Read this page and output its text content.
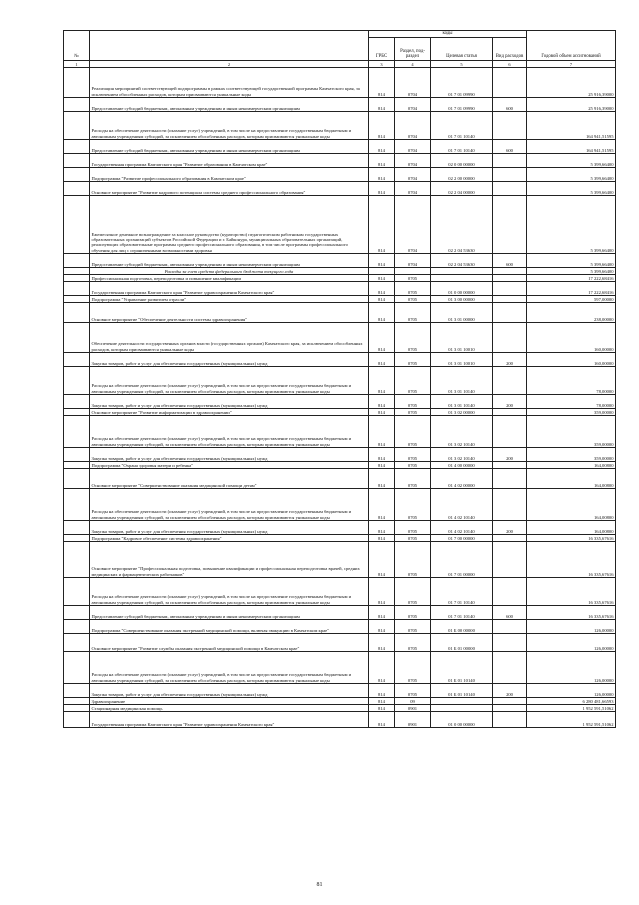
№		коды				Годовой объем ассигнований
		ГРБС	Раздел, под-раздел	Целевая статья	Вид расходов	
1	2	3	4	5	6	7
	Реализация мероприятий соответствующей подпрограммы в рамках соответствующей государственной программы Камчатского края, за исключением обособленных расходов, которым присваиваются уникальные коды	814	0704	01 7 01 09990		25 916,39000
	Предоставление субсидий бюджетным, автономным учреждениям и иным некоммерческим организациям	814	0704	01 7 01 09990	600	25 916,39000
	Расходы на обеспечение деятельности (оказание услуг) учреждений, в том числе на предоставление государственным бюджетным и автономным учреждениям субсидий, за исключением обособленных расходов, которым присваиваются уникальные коды	814	0704	01 7 01 10140		164 941,51595
	Предоставление субсидий бюджетным, автономным учреждениям и иным некоммерческим организациям	814	0704	01 7 01 10140	600	164 941,51595
	Государственная программа Камчатского края "Развитие образования в Камчатском крае"	814	0704	02 0 00 00000		5 399,66400
	Подпрограмма "Развитие профессионального образования в Камчатском крае"	814	0704	02 2 00 00000		5 399,66400
	Основное мероприятие "Развитие кадрового потенциала системы среднего профессионального образования"	814	0704	02 2 04 00000		5 399,66400
	Ежемесячное денежное вознаграждение за классное руководство (кураторство) педагогическим работникам государственных образовательных организаций субъектов Российской Федерации и г. Байконура, муниципальных образовательных организаций, реализующих образовательные программы среднего профессионального образования, в том числе программы профессионального обучения для лиц с ограниченными возможностями здоровья	814	0704	02 2 04 53630		5 399,66400
	Предоставление субсидий бюджетным, автономным учреждениям и иным некоммерческим организациям	814	0704	02 2 04 53630	600	5 399,66400
	Расходы за счет средств федерального бюджета текущего года					5 399,66400
	Профессиональная подготовка, переподготовка и повышение квалификации	814	0705			17 222,68416
	Государственная программа Камчатского края "Развитие здравоохранения Камчатского края"	814	0705	01 0 00 00000		17 222,68416
	Подпрограмма "Управление развитием отрасли"	814	0705	01 3 00 00000		597,00000
	Основное мероприятие "Обеспечение деятельности системы здравоохранения"	814	0705	01 3 01 00000		238,00000
	Обеспечение деятельности государственных органов власти (государственных органов) Камчатского края, за исключением обособленных расходов, которым присваиваются уникальные коды	814	0705	01 3 01 10010		160,00000
	Закупка товаров, работ и услуг для обеспечения государственных (муниципальных) нужд	814	0705	01 3 01 10010	200	160,00000
	Расходы на обеспечение деятельности (оказание услуг) учреждений, в том числе на предоставление государственным бюджетным и автономным учреждениям субсидий, за исключением обособленных расходов, которым присваиваются уникальные коды	814	0705	01 3 01 10140		78,00000
	Закупка товаров, работ и услуг для обеспечения государственных (муниципальных) нужд	814	0705	01 3 01 10140	200	78,00000
	Основное мероприятие "Развитие информатизации в здравоохранении"	814	0705	01 3 02 00000		359,00000
	Расходы на обеспечение деятельности (оказание услуг) учреждений, в том числе на предоставление государственным бюджетным и автономным учреждениям субсидий, за исключением обособленных расходов, которым присваиваются уникальные коды	814	0705	01 3 02 10140		359,00000
	Закупка товаров, работ и услуг для обеспечения государственных (муниципальных) нужд	814	0705	01 3 02 10140	200	359,00000
	Подпрограмма "Охрана здоровья матери и ребенка"	814	0705	01 4 00 00000		164,00800
	Основное мероприятие "Совершенствование оказания медицинской помощи детям"	814	0705	01 4 02 00000		164,00800
	Расходы на обеспечение деятельности (оказание услуг) учреждений, в том числе на предоставление государственным бюджетным и автономным учреждениям субсидий, за исключением обособленных расходов, которым присваиваются уникальные коды	814	0705	01 4 02 10140		164,00800
	Закупка товаров, работ и услуг для обеспечения государственных (муниципальных) нужд	814	0705	01 4 02 10140	200	164,00800
	Подпрограмма "Кадровое обеспечение системы здравоохранения"	814	0705	01 7 00 00000		16 335,67616
	Основное мероприятие "Профессиональная подготовка, повышение квалификации и профессиональная переподготовка врачей, средних медицинских и фармацевтических работников"	814	0705	01 7 01 00000		16 335,67616
	Расходы на обеспечение деятельности (оказание услуг) учреждений, в том числе на предоставление государственным бюджетным и автономным учреждениям субсидий, за исключением обособленных расходов, которым присваиваются уникальные коды	814	0705	01 7 01 10140		16 335,67616
	Предоставление субсидий бюджетным, автономным учреждениям и иным некоммерческим организациям	814	0705	01 7 01 10140	600	16 335,67616
	Подпрограмма "Совершенствование оказания экстренной медицинской помощи, включая эвакуацию в Камчатском крае"	814	0705	01 Б 00 00000		126,00000
	Основное мероприятие "Развитие службы оказания экстренной медицинской помощи в Камчатском крае"	814	0705	01 Б 01 00000		126,00000
	Расходы на обеспечение деятельности (оказание услуг) учреждений, в том числе на предоставление государственным бюджетным и автономным учреждениям субсидий, за исключением обособленных расходов, которым присваиваются уникальные коды	814	0705	01 Б 01 10140		126,00000
	Закупка товаров, работ и услуг для обеспечения государственных (муниципальных) нужд	814	0705	01 Б 01 10140	200	126,00000
	Здравоохранение	814	09			6 280 481,66593
	Стационарная медицинская помощь	814	0901			1 952 591,51062
	Государственная программа Камчатского края "Развитие здравоохранения Камчатского края"	814	0901	01 0 00 00000		1 952 591,51062
81
